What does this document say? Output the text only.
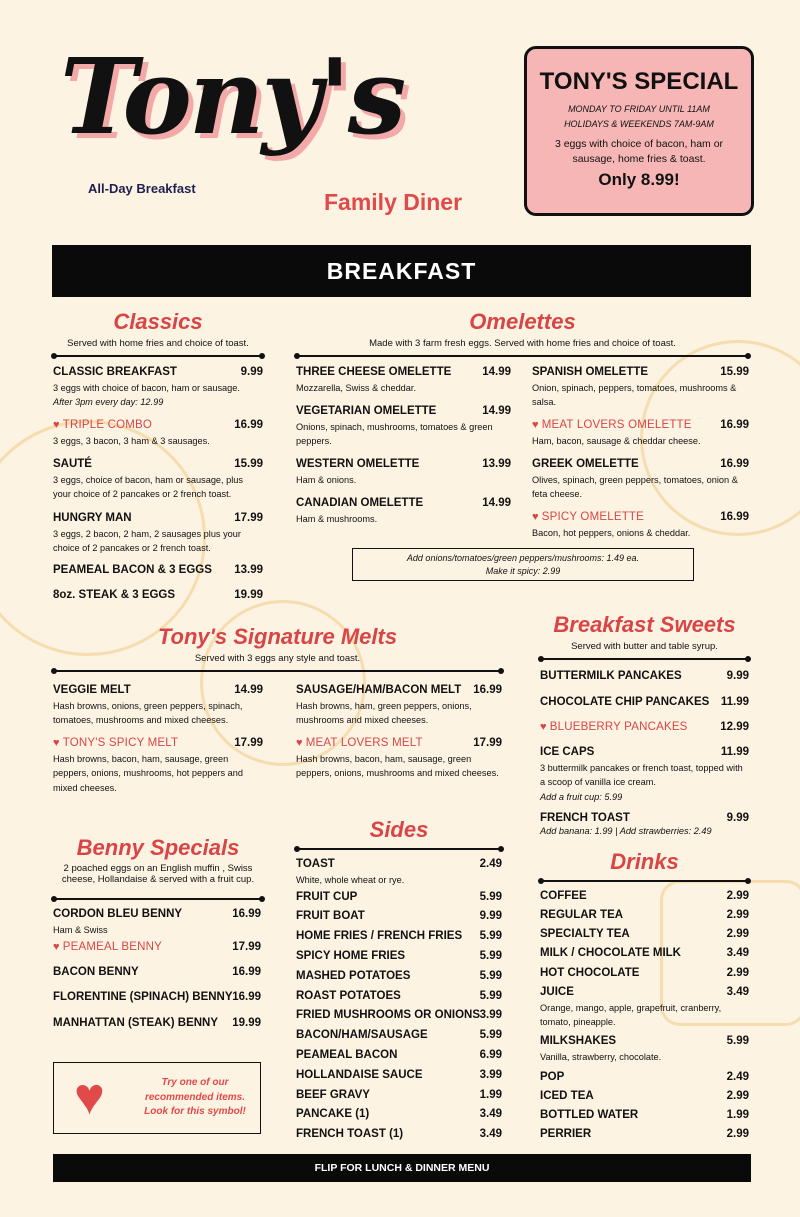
Tony's
All-Day Breakfast
Family Diner
TONY'S SPECIAL
MONDAY TO FRIDAY UNTIL 11AM
HOLIDAYS & WEEKENDS 7AM-9AM
3 eggs with choice of bacon, ham or sausage, home fries & toast.
Only 8.99!
BREAKFAST
Classics
Served with home fries and choice of toast.
CLASSIC BREAKFAST	9.99
3 eggs with choice of bacon, ham or sausage.
After 3pm every day: 12.99
♥ TRIPLE COMBO	16.99
3 eggs, 3 bacon, 3 ham & 3 sausages.
SAUTÉ	15.99
3 eggs, choice of bacon, ham or sausage, plus your choice of 2 pancakes or 2 french toast.
HUNGRY MAN	17.99
3 eggs, 2 bacon, 2 ham, 2 sausages plus your choice of 2 pancakes or 2 french toast.
PEAMEAL BACON & 3 EGGS	13.99
8oz. STEAK & 3 EGGS	19.99
Omelettes
Made with 3 farm fresh eggs. Served with home fries and choice of toast.
THREE CHEESE OMELETTE	14.99
Mozzarella, Swiss & cheddar.
VEGETARIAN OMELETTE	14.99
Onions, spinach, mushrooms, tomatoes & green peppers.
WESTERN OMELETTE	13.99
Ham & onions.
CANADIAN OMELETTE	14.99
Ham & mushrooms.
SPANISH OMELETTE	15.99
Onion, spinach, peppers, tomatoes, mushrooms & salsa.
♥ MEAT LOVERS OMELETTE	16.99
Ham, bacon, sausage & cheddar cheese.
GREEK OMELETTE	16.99
Olives, spinach, green peppers, tomatoes, onion & feta cheese.
♥ SPICY OMELETTE	16.99
Bacon, hot peppers, onions & cheddar.
Tony's Signature Melts
Served with 3 eggs any style and toast.
VEGGIE MELT	14.99
Hash browns, onions, green peppers, spinach, tomatoes, mushrooms and mixed cheeses.
SAUSAGE/HAM/BACON MELT	16.99
Hash browns, ham, green peppers, onions, mushrooms and mixed cheeses.
♥ TONY'S SPICY MELT	17.99
Hash browns, bacon, ham, sausage, green peppers, onions, mushrooms, hot peppers and mixed cheeses.
♥ MEAT LOVERS MELT	17.99
Hash browns, bacon, ham, sausage, green peppers, onions, mushrooms and mixed cheeses.
Breakfast Sweets
Served with butter and table syrup.
BUTTERMILK PANCAKES	9.99
CHOCOLATE CHIP PANCAKES	11.99
♥ BLUEBERRY PANCAKES	12.99
ICE CAPS	11.99
3 buttermilk pancakes or french toast, topped with a scoop of vanilla ice cream.
Add a fruit cup: 5.99
FRENCH TOAST	9.99
Add banana: 1.99 | Add strawberries: 2.49
Benny Specials
2 poached eggs on an English muffin , Swiss cheese, Hollandaise & served with a fruit cup.
CORDON BLEU BENNY	16.99
Ham & Swiss
♥ PEAMEAL BENNY	17.99
BACON BENNY	16.99
FLORENTINE (SPINACH) BENNY 16.99
MANHATTAN (STEAK) BENNY	19.99
Sides
TOAST	2.49
White, whole wheat or rye.
FRUIT CUP	5.99
FRUIT BOAT	9.99
HOME FRIES / FRENCH FRIES	5.99
SPICY HOME FRIES	5.99
MASHED POTATOES	5.99
ROAST POTATOES	5.99
FRIED MUSHROOMS OR ONIONS 3.99
BACON/HAM/SAUSAGE	5.99
PEAMEAL BACON	6.99
HOLLANDAISE SAUCE	3.99
BEEF GRAVY	1.99
PANCAKE (1)	3.49
FRENCH TOAST (1)	3.49
Drinks
COFFEE	2.99
REGULAR TEA	2.99
SPECIALTY TEA	2.99
MILK / CHOCOLATE MILK	3.49
HOT CHOCOLATE	2.99
JUICE	3.49
Orange, mango, apple, grapefruit, cranberry, tomato, pineapple.
MILKSHAKES	5.99
Vanilla, strawberry, chocolate.
POP	2.49
ICED TEA	2.99
BOTTLED WATER	1.99
PERRIER	2.99
Add onions/tomatoes/green peppers/mushrooms: 1.49 ea.
Make it spicy: 2.99
♥	Try one of our recommended items. Look for this symbol!
FLIP FOR LUNCH & DINNER MENU
